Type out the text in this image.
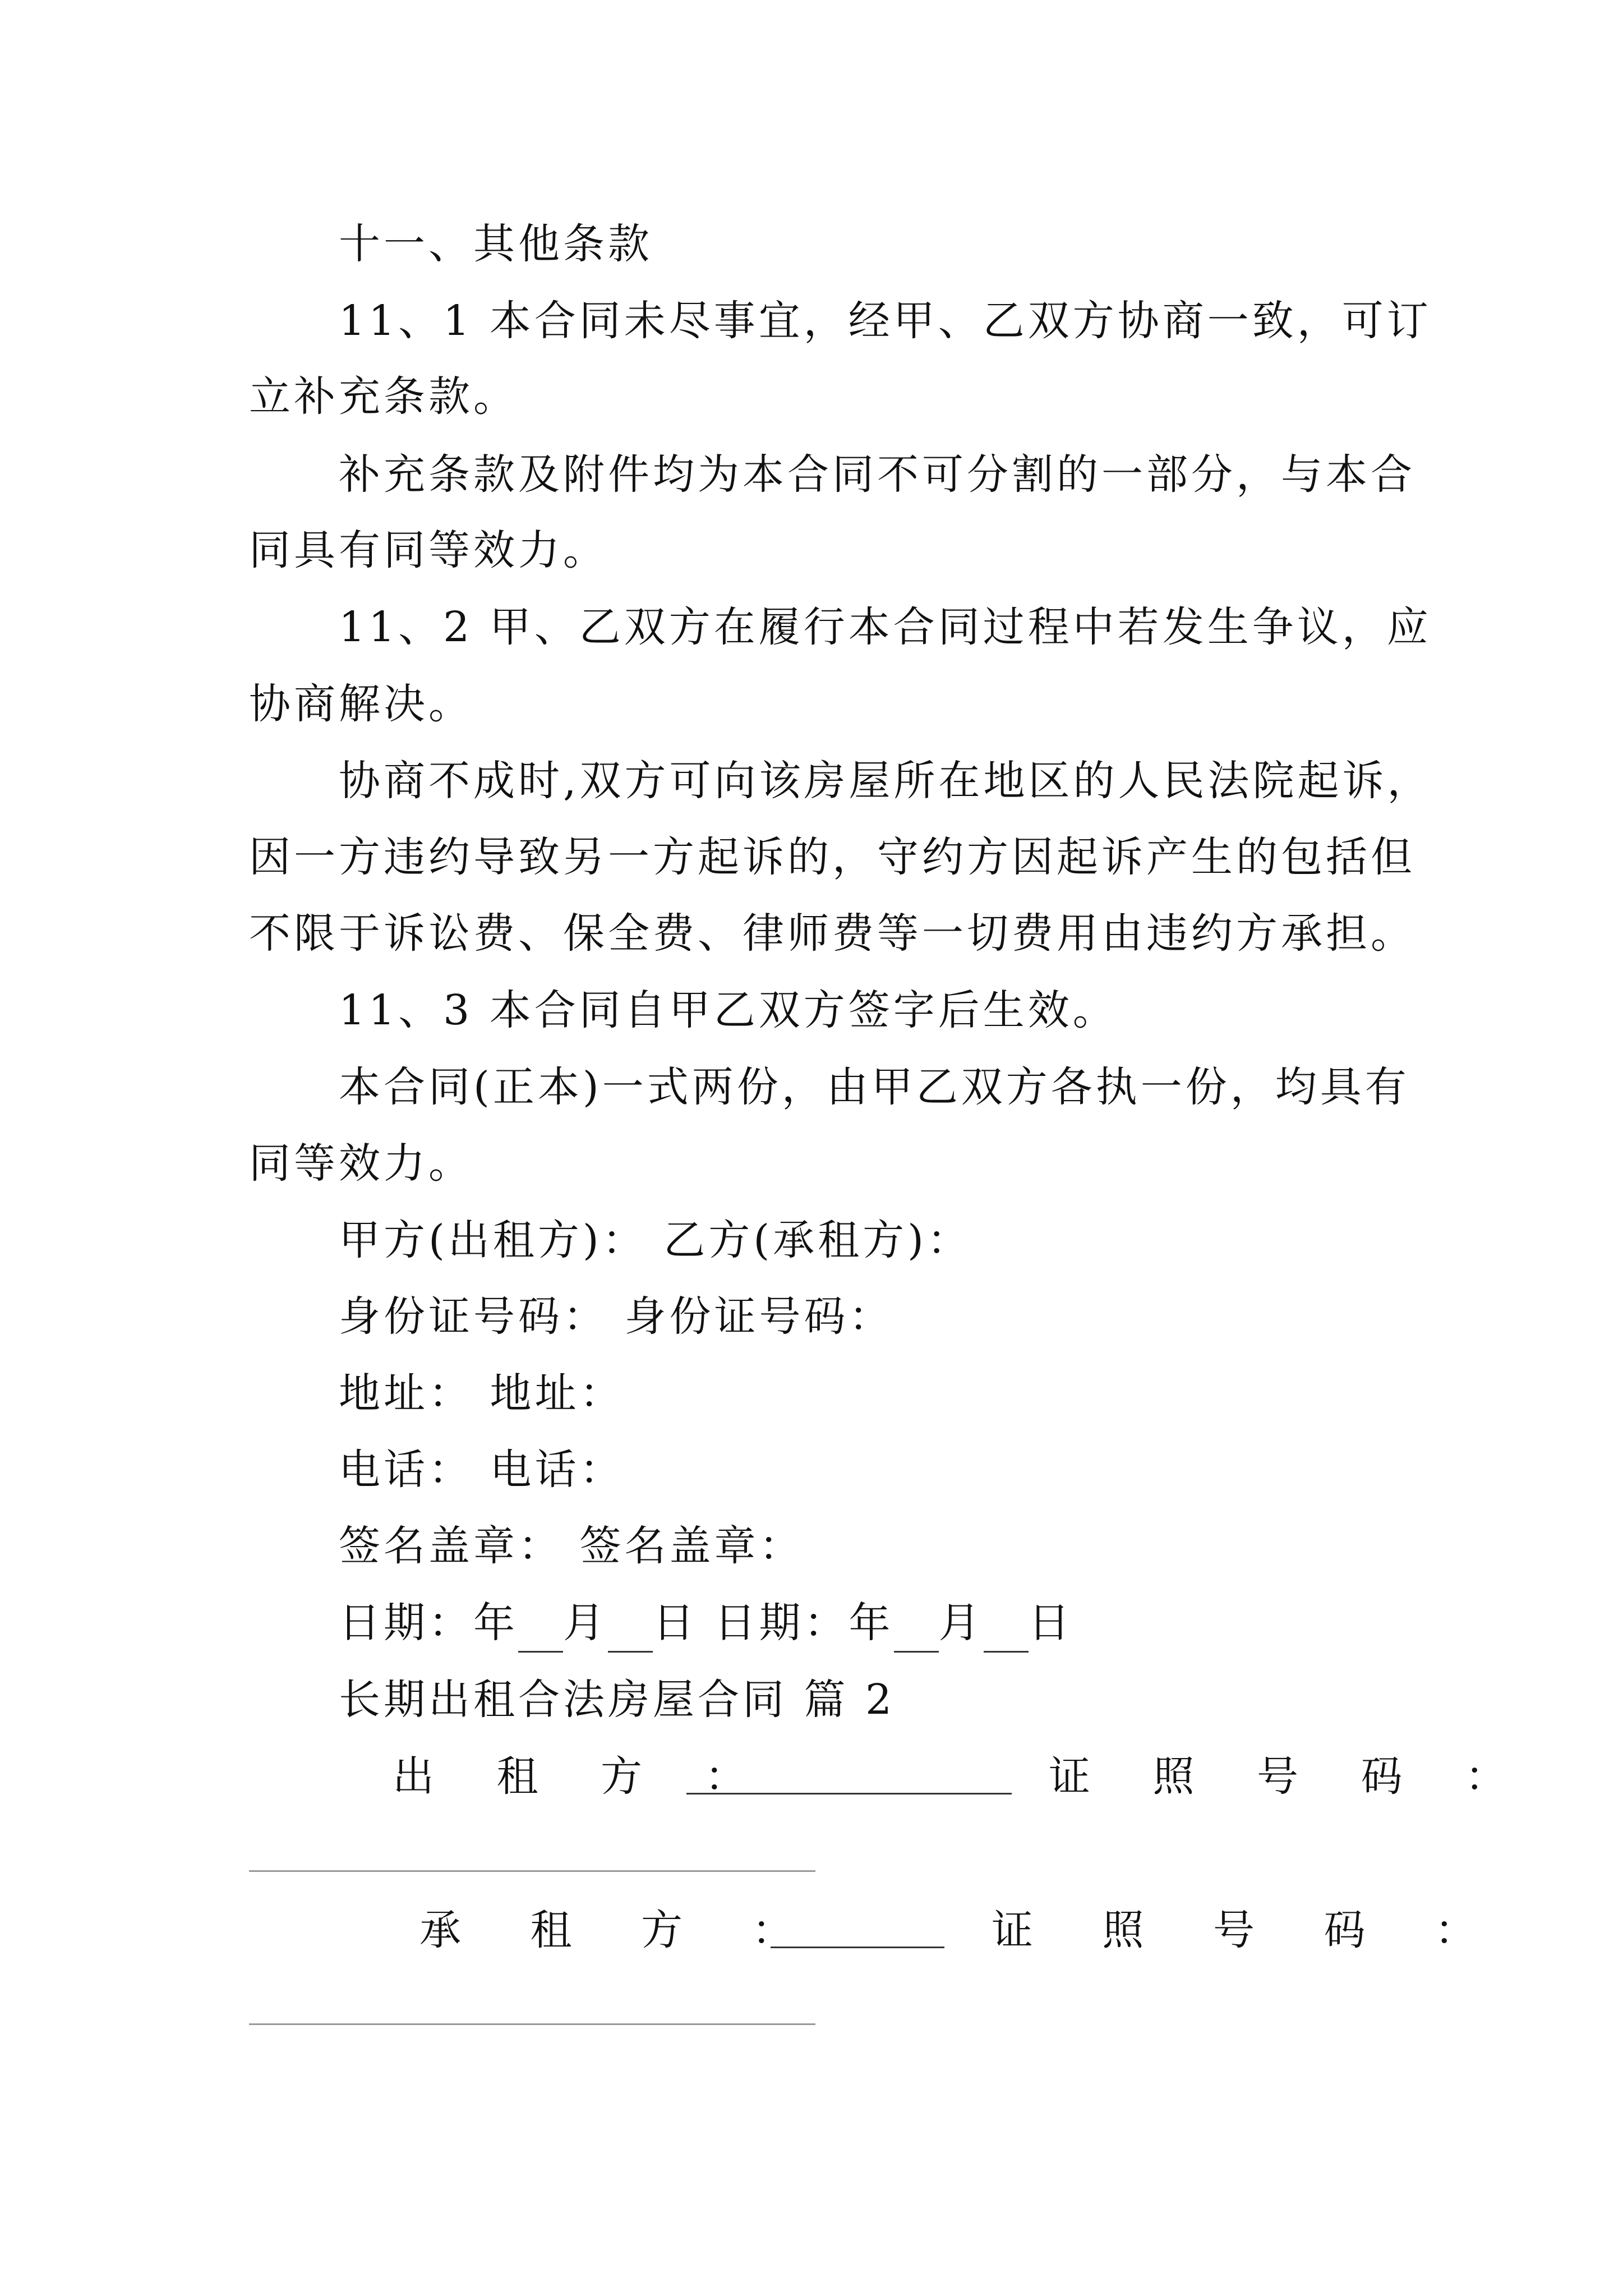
十一、其他条款
11、1 本合同未尽事宜，经甲、乙双方协商一致，可订
立补充条款。
补充条款及附件均为本合同不可分割的一部分，与本合
同具有同等效力。
11、2 甲、乙双方在履行本合同过程中若发生争议，应
协商解决。
协商不成时,双方可向该房屋所在地区的人民法院起诉，
因一方违约导致另一方起诉的，守约方因起诉产生的包括但
不限于诉讼费、保全费、律师费等一切费用由违约方承担。
11、3 本合同自甲乙双方签字后生效。
本合同(正本)一式两份，由甲乙双方各执一份，均具有
同等效力。
甲方(出租方)： 乙方(承租方)：
身份证号码： 身份证号码：
地址： 地址：
电话： 电话：
签名盖章： 签名盖章：
日期：年 月 日 日期：年 月 日
长期出租合法房屋合同 篇 2
出 租 方 ：	证 照 号 码 ：
承 租 方 ：	证 照 号 码 ：
